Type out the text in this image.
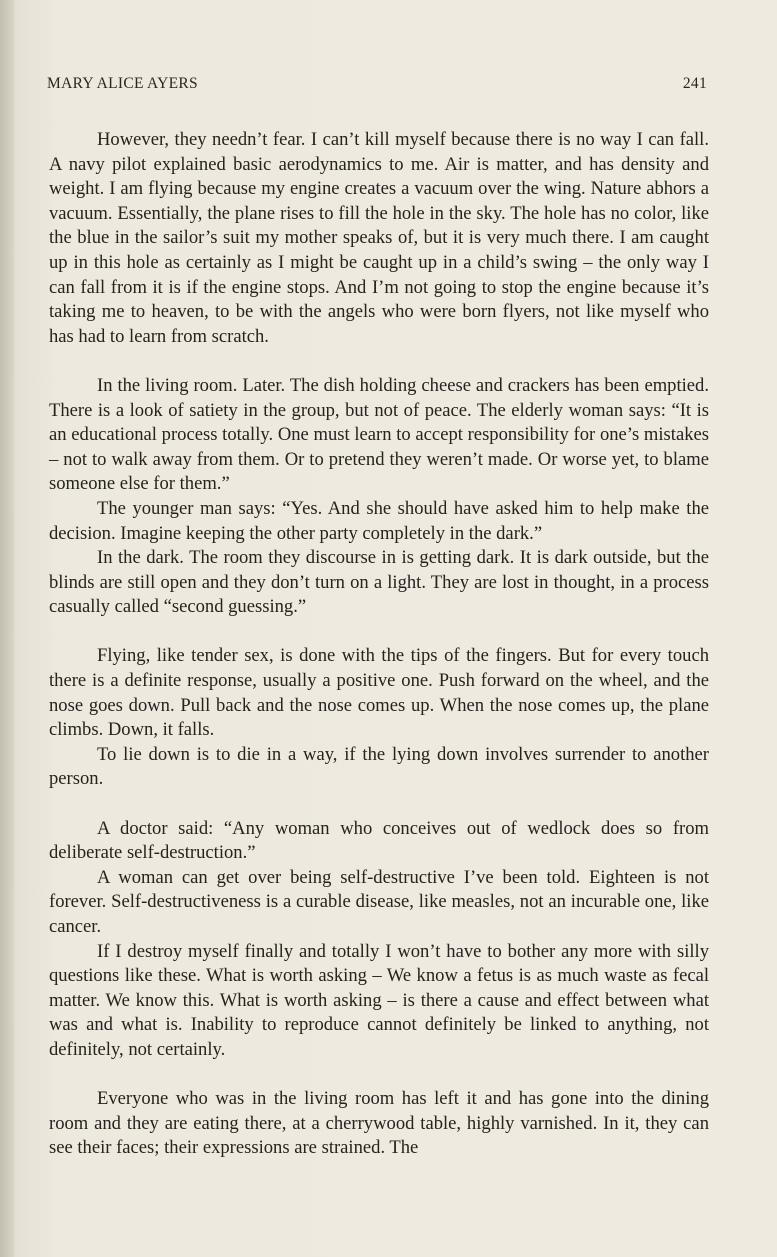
MARY ALICE AYERS	241

However, they needn’t fear. I can’t kill myself because there is no way I can fall. A navy pilot explained basic aerodynamics to me. Air is matter, and has density and weight. I am flying because my engine creates a vacuum over the wing. Nature abhors a vacuum. Essentially, the plane rises to fill the hole in the sky. The hole has no color, like the blue in the sailor’s suit my mother speaks of, but it is very much there. I am caught up in this hole as certainly as I might be caught up in a child’s swing – the only way I can fall from it is if the engine stops. And I’m not going to stop the engine because it’s taking me to heaven, to be with the angels who were born flyers, not like myself who has had to learn from scratch.

In the living room. Later. The dish holding cheese and crackers has been emptied. There is a look of satiety in the group, but not of peace. The elderly woman says: “It is an educational process totally. One must learn to accept responsibility for one’s mistakes – not to walk away from them. Or to pretend they weren’t made. Or worse yet, to blame someone else for them.”

The younger man says: “Yes. And she should have asked him to help make the decision. Imagine keeping the other party completely in the dark.”

In the dark. The room they discourse in is getting dark. It is dark outside, but the blinds are still open and they don’t turn on a light. They are lost in thought, in a process casually called “second guessing.”

Flying, like tender sex, is done with the tips of the fingers. But for every touch there is a definite response, usually a positive one. Push forward on the wheel, and the nose goes down. Pull back and the nose comes up. When the nose comes up, the plane climbs. Down, it falls.

To lie down is to die in a way, if the lying down involves surrender to another person.

A doctor said: “Any woman who conceives out of wedlock does so from deliberate self-destruction.”

A woman can get over being self-destructive I’ve been told. Eighteen is not forever. Self-destructiveness is a curable disease, like measles, not an incurable one, like cancer.

If I destroy myself finally and totally I won’t have to bother any more with silly questions like these. What is worth asking – We know a fetus is as much waste as fecal matter. We know this. What is worth asking – is there a cause and effect between what was and what is. Inability to reproduce cannot definitely be linked to anything, not definitely, not certainly.

Everyone who was in the living room has left it and has gone into the dining room and they are eating there, at a cherrywood table, highly varnished. In it, they can see their faces; their expressions are strained. The
